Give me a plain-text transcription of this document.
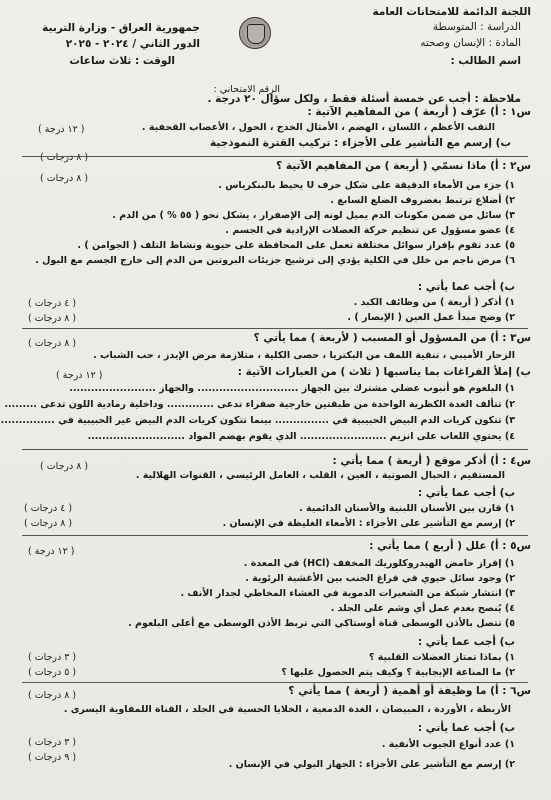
اللجنة الدائمة للامتحانات العامة
الدراسة : المتوسطة
المادة : الإنسان وصحته
جمهورية العراق - وزارة التربية
الدور الثاني / ٢٠٢٤ - ٢٠٢٥
الوقت : ثلاث ساعات	اسم الطالب :
الرقم الامتحاني :
ملاحظة : أجب عن خمسة أسئلة فقط ، ولكل سؤال ٢٠ درجة .
س١ : أ) عرّف ( أربعة ) من المفاهيم الآتية :
( ١٢ درجة )	التقب الأعظم ، اللسان ، الهضم ، الأمثال الخدج ، الحول ، الأعصاب القحفية .
ب) إرسم مع التأشير على الأجزاء : تركيب القترة النموذجية
( ٨ درجات )
س٢ : أ) ماذا نسمّي ( أربعة ) من المفاهيم الآتية ؟
( ٨ درجات )
١) جزء من الأمعاء الدقيقة على شكل حرف U يحيط بالبنكرياس .
٢) أضلاع ترتبط بغضروف الضلع السابع .
٣) سائل من ضمن مكونات الدم يميل لونه إلى الإصفرار ، يشكل نحو ( ٥٥ % ) من الدم .
٤) عضو مسؤول عن تنظيم حركة العضلات الإرادية في الجسم .
٥) عدد تقوم بإفراز سوائل مختلفة تعمل على المحافظة على حيوية ونشاط التلف ( الجوامن ) .
٦) مرض ناجم من خلل في الكلية يؤدي إلى ترشيح جزيئات البروتين من الدم إلى خارج الجسم مع البول .
ب) أجب عما يأتي :
١) أذكر ( أربعة ) من وظائف الكبد .
٢) وضح مبدأ عمل العين ( الإبصار ) .
( ٤ درجات )
( ٨ درجات )
س٣ : أ) من المسؤول أو المسبب ( لأربعة ) مما يأتي ؟
( ٨ درجات )
الزحار الأميبي ، تنقية اللمف من البكتريا ، حصى الكلية ، متلازمة مرض الإيدز ، حب الشباب .
ب) إملأ الفراغات بما يناسبها ( ثلاث ) من العبارات الآتية :
( ١٢ درجة )
١) البلعوم هو أنبوب عضلي مشترك بين الجهاز ............................ والجهاز ........................
٢) تتألف الغدة الكظرية الواحدة من طبقتين خارجية صفراء تدعى ............. وداخلية رمادية اللون تدعى .........
٣) تتكون كريات الدم البيض الحبيبية في ............... بينما تتكون كريات الدم البيض غير الحبيبية في ...............
٤) يحتوي اللعاب على انزيم ........................ الذي يقوم بهضم المواد ...........................
س٤ : أ) أذكر موقع ( أربعة ) مما يأتي :
( ٨ درجات )
المستقيم ، الحبال الصوتية ، العين ، القلب ، العامل الرئيسي ، القنوات الهلالية .
ب) أجب عما يأتي :
١) قارن بين الأسنان اللبنية والأسنان الدائمية .
٢) إرسم مع التأشير على الأجزاء : الأمعاء الغليظة في الإنسان .
( ٤ درجات )
( ٨ درجات )
س٥ : أ) علل ( أربع ) مما يأتي :
( ١٢ درجة )
١) إفراز حامض الهيدروكلوريك المخفف (HCl) في المعدة .
٢) وجود سائل حيوي في فراغ الجنب بين الأغشية الرئوية .
٣) انتشار شبكة من الشعيرات الدموية في الغشاء المخاطي لجدار الأنف .
٤) يُنصح بعدم عمل أي وشم على الجلد .
٥) تتصل بالأذن الوسطى قناة أوستاكي التي تربط الأذن الوسطى مع أعلى البلعوم .
ب) أجب عما يأتي :
١) بماذا تمتاز العضلات القلبية ؟
٢) ما المناعة الإيجابية ؟ وكيف يتم الحصول عليها ؟
( ٣ درجات )
( ٥ درجات )
س٦ : أ) ما وظيفة أو أهمية ( أربعة ) مما يأتي ؟
( ٨ درجات )
الأربطة ، الأوردة ، المبيضان ، الغدة الدمعية ، الخلايا الحسية في الجلد ، القناة اللمفاوية اليسرى .
ب) أجب عما يأتي :
١) عدد أنواع الجيوب الأنفية .
٢) إرسم مع التأشير على الأجزاء : الجهاز البولي في الإنسان .
( ٣ درجات )
( ٩ درجات )
